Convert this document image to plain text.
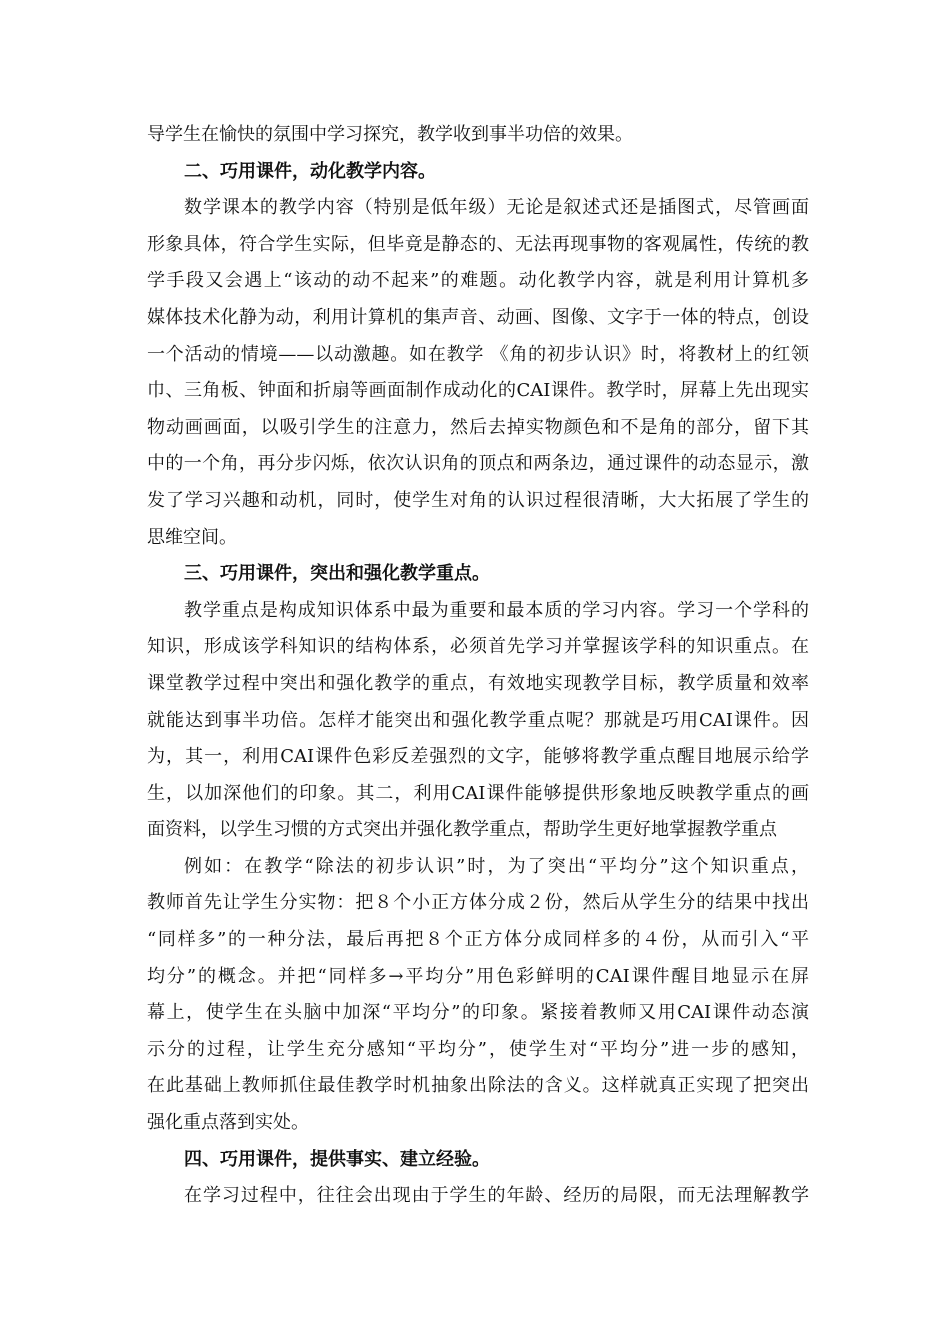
导学生在愉快的氛围中学习探究，教学收到事半功倍的效果。
二、巧用课件，动化教学内容。
数学课本的教学内容（特别是低年级）无论是叙述式还是插图式，尽管画面
形象具体，符合学生实际，但毕竟是静态的、无法再现事物的客观属性，传统的教
学手段又会遇上“该动的动不起来”的难题。动化教学内容，就是利用计算机多
媒体技术化静为动，利用计算机的集声音、动画、图像、文字于一体的特点，创设
一个活动的情境——以动激趣。如在教学 《角的初步认识》时，将教材上的红领
巾、三角板、钟面和折扇等画面制作成动化的CAI课件。教学时，屏幕上先出现实
物动画画面，以吸引学生的注意力，然后去掉实物颜色和不是角的部分，留下其
中的一个角，再分步闪烁，依次认识角的顶点和两条边，通过课件的动态显示，激
发了学习兴趣和动机，同时，使学生对角的认识过程很清晰，大大拓展了学生的
思维空间。
三、巧用课件，突出和强化教学重点。
教学重点是构成知识体系中最为重要和最本质的学习内容。学习一个学科的
知识，形成该学科知识的结构体系，必须首先学习并掌握该学科的知识重点。在
课堂教学过程中突出和强化教学的重点，有效地实现教学目标，教学质量和效率
就能达到事半功倍。怎样才能突出和强化教学重点呢？那就是巧用CAI课件。因
为，其一，利用CAI课件色彩反差强烈的文字，能够将教学重点醒目地展示给学
生，以加深他们的印象。其二，利用CAI课件能够提供形象地反映教学重点的画
面资料，以学生习惯的方式突出并强化教学重点，帮助学生更好地掌握教学重点
例如：在教学“除法的初步认识”时，为了突出“平均分”这个知识重点，
教师首先让学生分实物：把８个小正方体分成２份，然后从学生分的结果中找出
“同样多”的一种分法，最后再把８个正方体分成同样多的４份，从而引入“平
均分”的概念。并把“同样多→平均分”用色彩鲜明的CAI课件醒目地显示在屏
幕上，使学生在头脑中加深“平均分”的印象。紧接着教师又用CAI课件动态演
示分的过程，让学生充分感知“平均分”，使学生对“平均分”进一步的感知，
在此基础上教师抓住最佳教学时机抽象出除法的含义。这样就真正实现了把突出
强化重点落到实处。
四、巧用课件，提供事实、建立经验。
在学习过程中，往往会出现由于学生的年龄、经历的局限，而无法理解教学
